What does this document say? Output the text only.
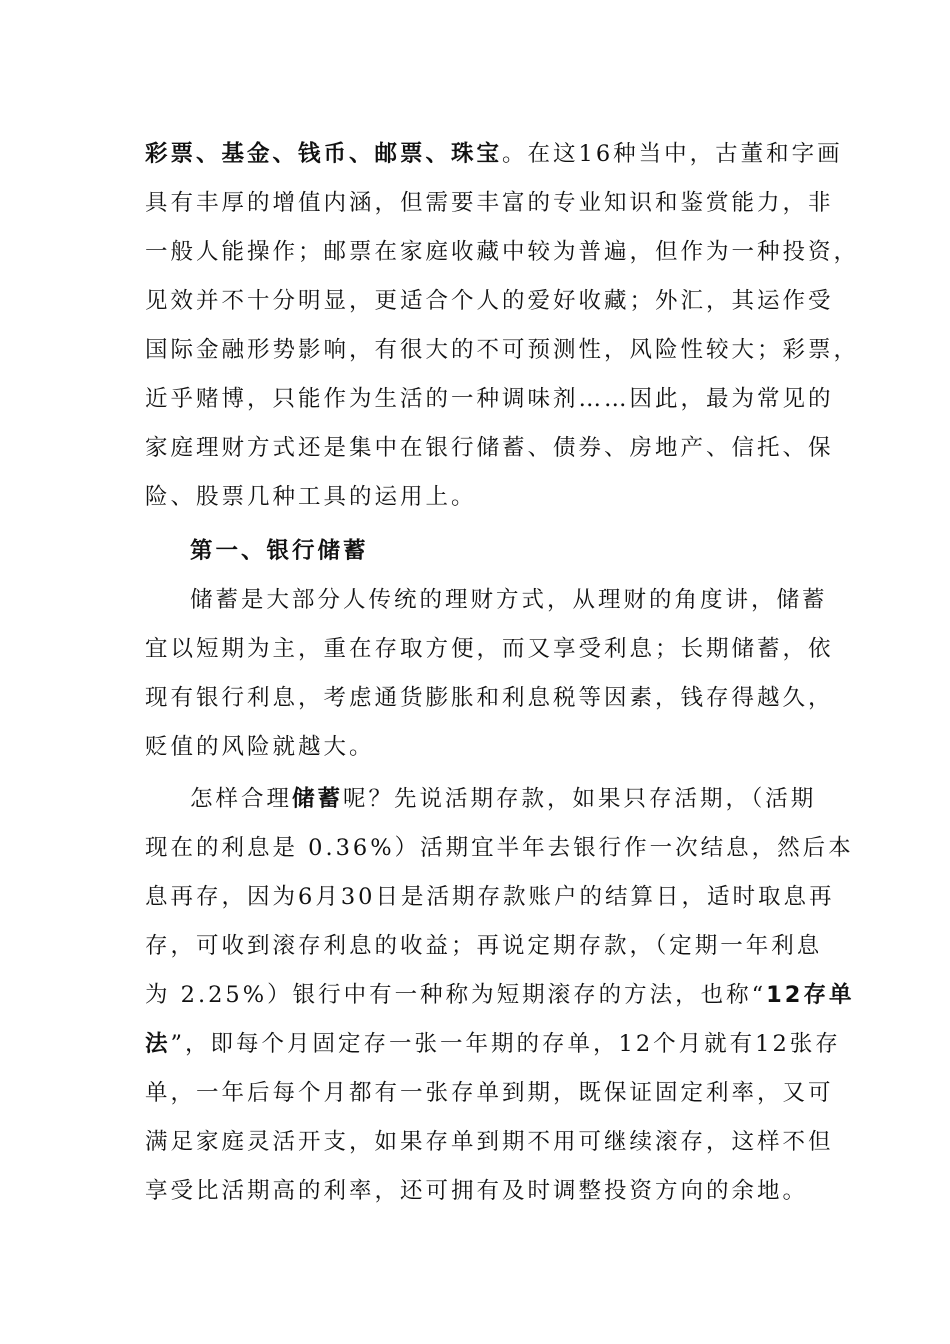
彩票、基金、钱币、邮票、珠宝。在这16种当中，古董和字画
具有丰厚的增值内涵，但需要丰富的专业知识和鉴赏能力，非
一般人能操作；邮票在家庭收藏中较为普遍，但作为一种投资，
见效并不十分明显，更适合个人的爱好收藏；外汇，其运作受
国际金融形势影响，有很大的不可预测性，风险性较大；彩票，
近乎赌博，只能作为生活的一种调味剂……因此，最为常见的
家庭理财方式还是集中在银行储蓄、债券、房地产、信托、保
险、股票几种工具的运用上。
第一、银行储蓄
储蓄是大部分人传统的理财方式，从理财的角度讲，储蓄
宜以短期为主，重在存取方便，而又享受利息；长期储蓄，依
现有银行利息，考虑通货膨胀和利息税等因素，钱存得越久，
贬值的风险就越大。
怎样合理储蓄呢？先说活期存款，如果只存活期，（活期
现在的利息是 0.36%）活期宜半年去银行作一次结息，然后本
息再存，因为6月30日是活期存款账户的结算日，适时取息再
存，可收到滚存利息的收益；再说定期存款，（定期一年利息
为 2.25%）银行中有一种称为短期滚存的方法，也称“12存单
法”，即每个月固定存一张一年期的存单，12个月就有12张存
单，一年后每个月都有一张存单到期，既保证固定利率，又可
满足家庭灵活开支，如果存单到期不用可继续滚存，这样不但
享受比活期高的利率，还可拥有及时调整投资方向的余地。
